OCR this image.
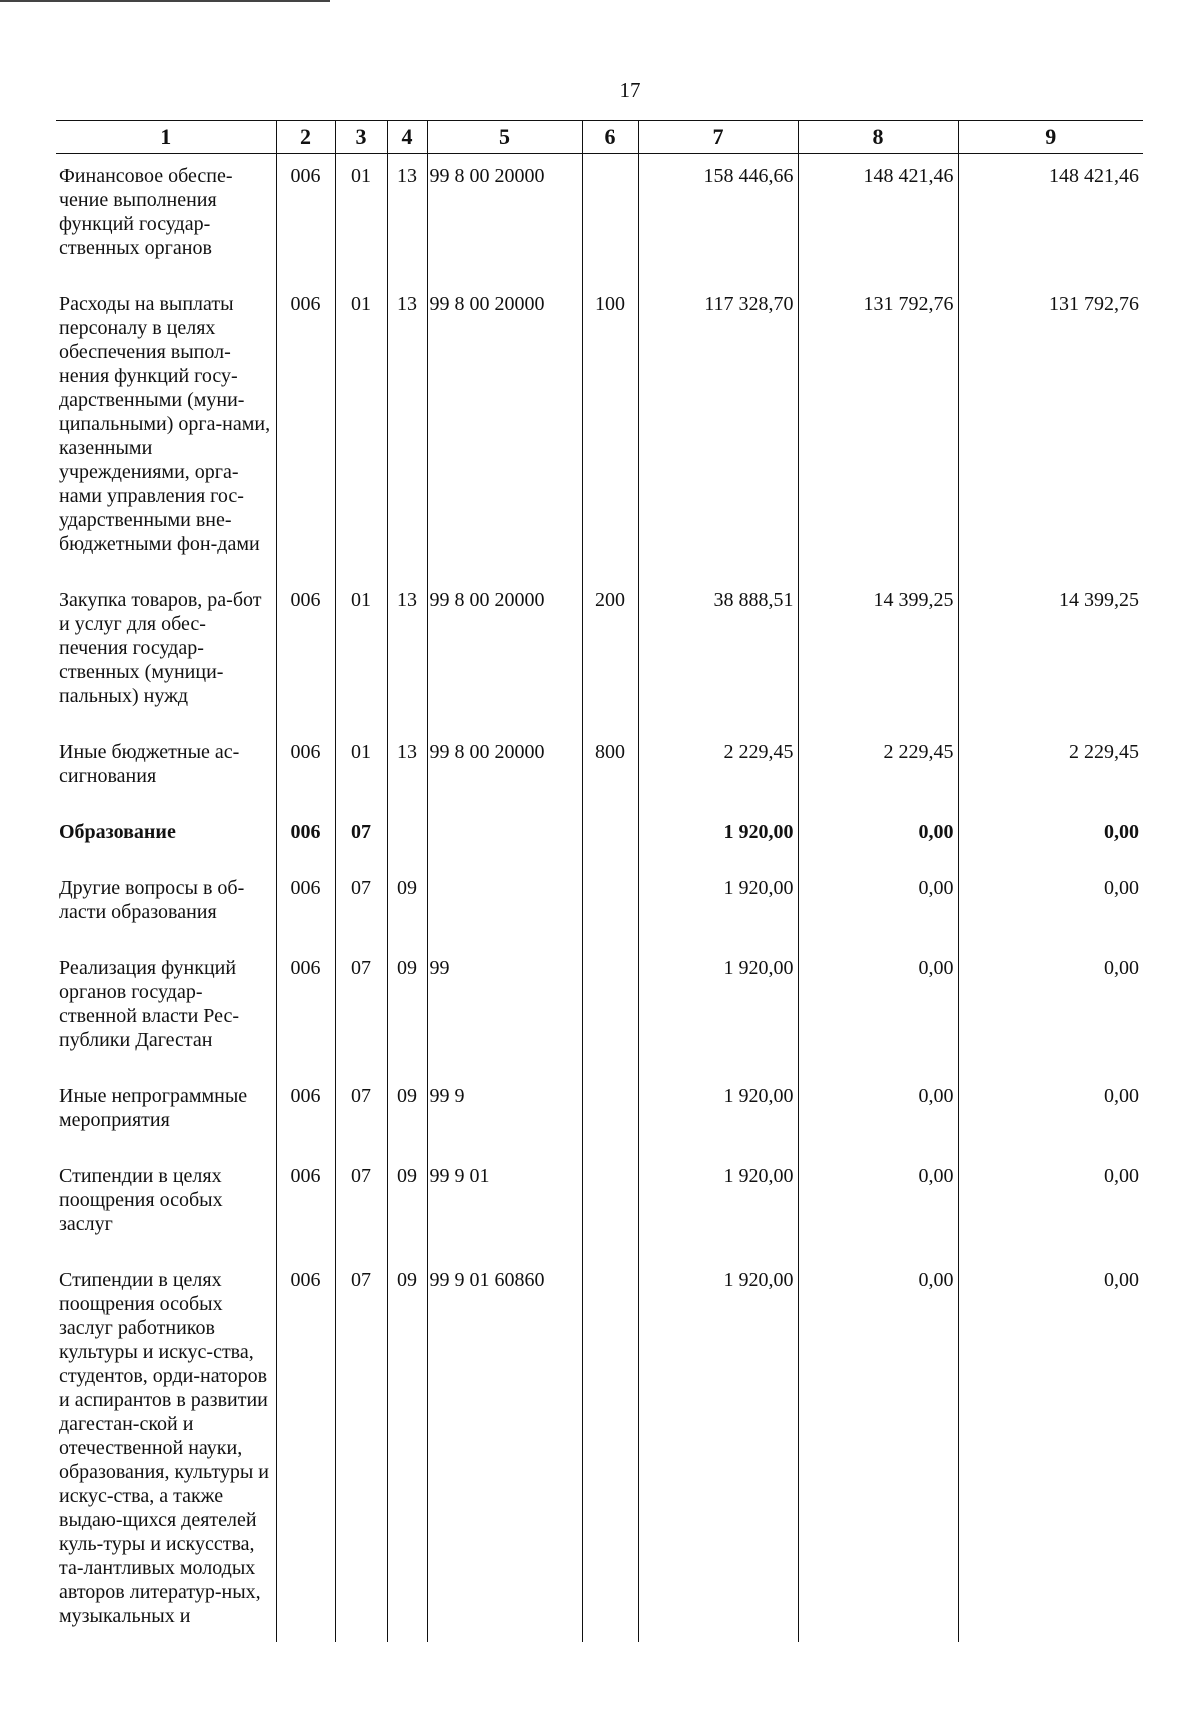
17
1	2	3	4	5	6	7	8	9
Финансовое обеспе-чение выполнения функций государ-ственных органов	006	01	13	99 8 00 20000		158 446,66	148 421,46	148 421,46
Расходы на выплаты персоналу в целях обеспечения выпол-нения функций госу-дарственными (муни-ципальными) орга-нами, казенными учреждениями, орга-нами управления гос-ударственными вне-бюджетными фон-дами	006	01	13	99 8 00 20000	100	117 328,70	131 792,76	131 792,76
Закупка товаров, ра-бот и услуг для обес-печения государ-ственных (муници-пальных) нужд	006	01	13	99 8 00 20000	200	38 888,51	14 399,25	14 399,25
Иные бюджетные ас-сигнования	006	01	13	99 8 00 20000	800	2 229,45	2 229,45	2 229,45
Образование	006	07				1 920,00	0,00	0,00
Другие вопросы в об-ласти образования	006	07	09			1 920,00	0,00	0,00
Реализация функций органов государ-ственной власти Рес-публики Дагестан	006	07	09	99		1 920,00	0,00	0,00
Иные непрограммные мероприятия	006	07	09	99 9		1 920,00	0,00	0,00
Стипендии в целях поощрения особых заслуг	006	07	09	99 9 01		1 920,00	0,00	0,00
Стипендии в целях поощрения особых заслуг работников культуры и искус-ства, студентов, орди-наторов и аспирантов в развитии дагестан-ской и отечественной науки, образования, культуры и искус-ства, а также выдаю-щихся деятелей куль-туры и искусства, та-лантливых молодых авторов литератур-ных, музыкальных и	006	07	09	99 9 01 60860		1 920,00	0,00	0,00
